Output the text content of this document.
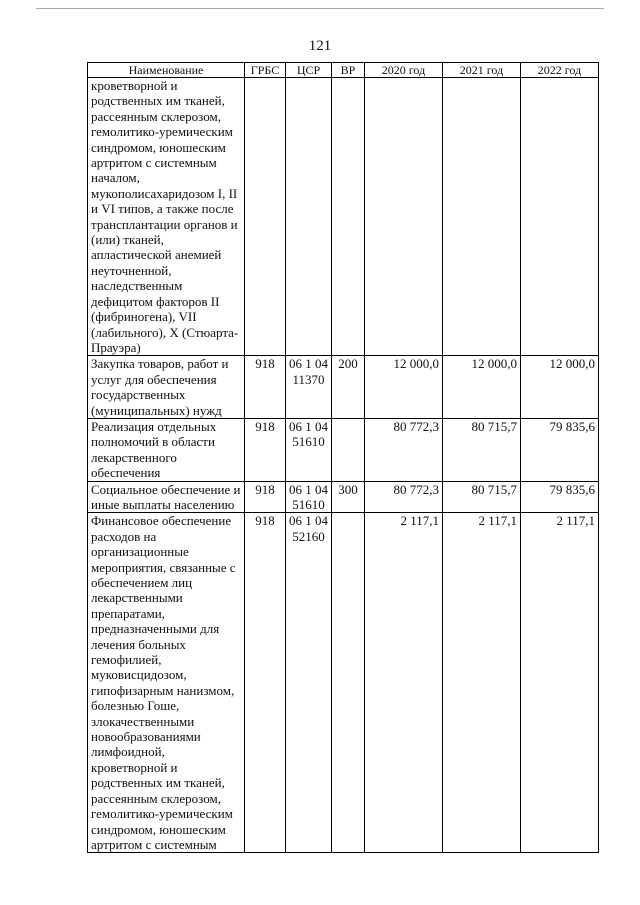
121
Наименование	ГРБС	ЦСР	ВР	2020 год	2021 год	2022 год
кроветворной и родственных им тканей, рассеянным склерозом, гемолитико-уремическим синдромом, юношеским артритом с системным началом, мукополисахаридозом I, II и VI типов, а также после трансплантации органов и (или) тканей, апластической анемией неуточненной, наследственным дефицитом факторов II (фибриногена), VII (лабильного), X (Стюарта-Прауэра)						
Закупка товаров, работ и услуг для обеспечения государственных (муниципальных) нужд	918	06 1 04 11370	200	12 000,0	12 000,0	12 000,0
Реализация отдельных полномочий в области лекарственного обеспечения	918	06 1 04 51610		80 772,3	80 715,7	79 835,6
Социальное обеспечение и иные выплаты населению	918	06 1 04 51610	300	80 772,3	80 715,7	79 835,6
Финансовое обеспечение расходов на организационные мероприятия, связанные с обеспечением лиц лекарственными препаратами, предназначенными для лечения больных гемофилией, муковисцидозом, гипофизарным нанизмом, болезнью Гоше, злокачественными новообразованиями лимфоидной, кроветворной и родственных им тканей, рассеянным склерозом, гемолитико-уремическим синдромом, юношеским артритом с системным	918	06 1 04 52160		2 117,1	2 117,1	2 117,1
